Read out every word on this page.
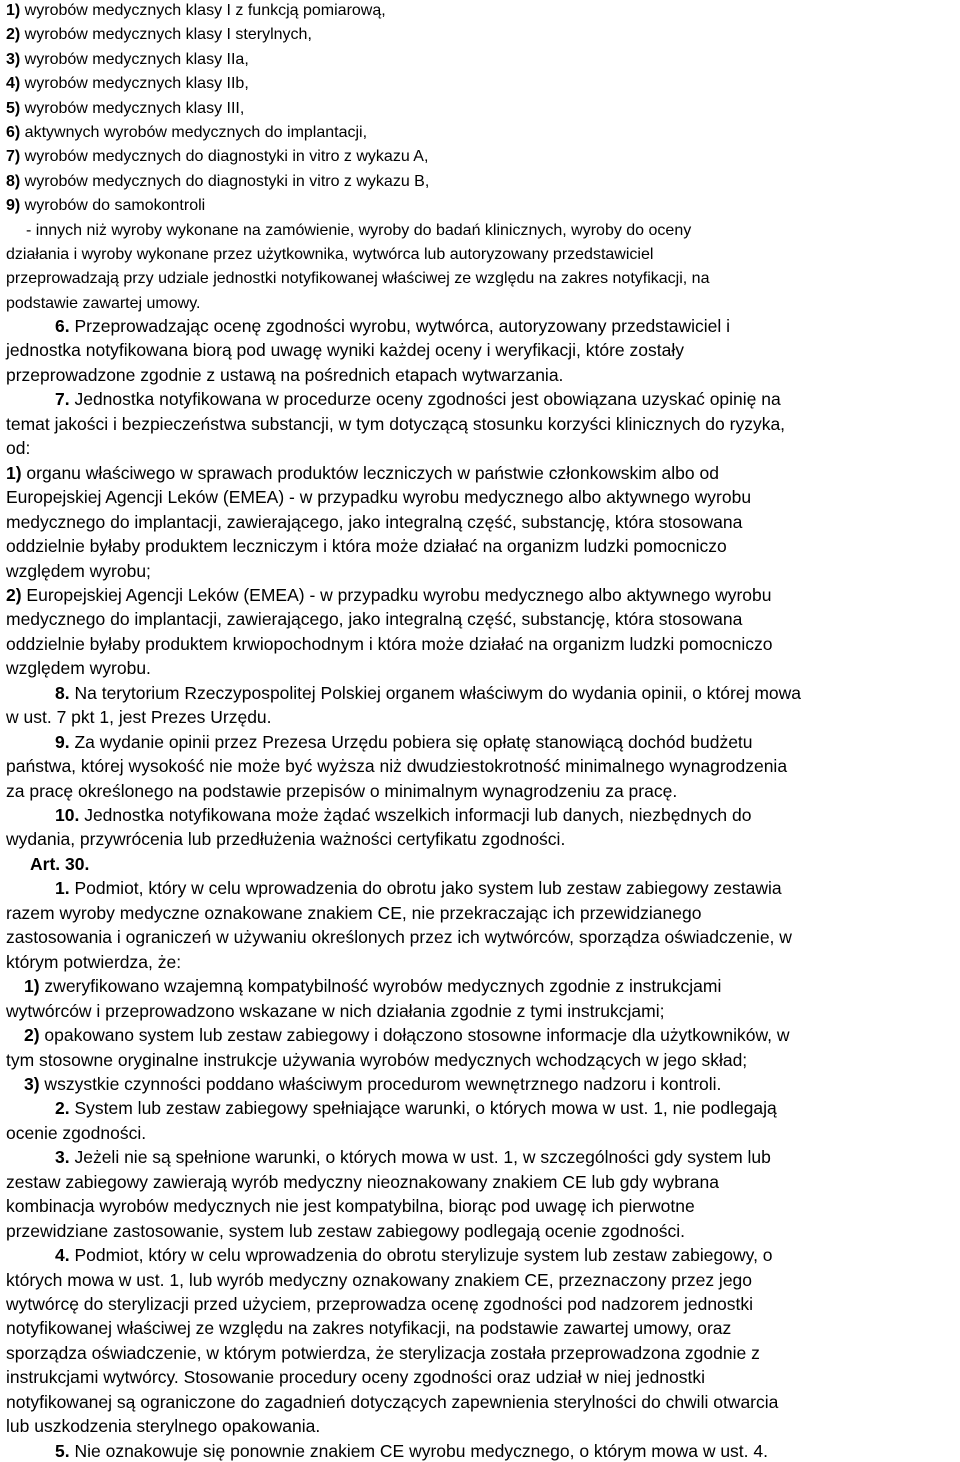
1) wyrobów medycznych klasy I z funkcją pomiarową,
2) wyrobów medycznych klasy I sterylnych,
3) wyrobów medycznych klasy IIa,
4) wyrobów medycznych klasy IIb,
5) wyrobów medycznych klasy III,
6) aktywnych wyrobów medycznych do implantacji,
7) wyrobów medycznych do diagnostyki in vitro z wykazu A,
8) wyrobów medycznych do diagnostyki in vitro z wykazu B,
9) wyrobów do samokontroli
- innych niż wyroby wykonane na zamówienie, wyroby do badań klinicznych, wyroby do oceny
działania i wyroby wykonane przez użytkownika, wytwórca lub autoryzowany przedstawiciel
przeprowadzają przy udziale jednostki notyfikowanej właściwej ze względu na zakres notyfikacji, na
podstawie zawartej umowy.
6. Przeprowadzając ocenę zgodności wyrobu, wytwórca, autoryzowany przedstawiciel i
jednostka notyfikowana biorą pod uwagę wyniki każdej oceny i weryfikacji, które zostały
przeprowadzone zgodnie z ustawą na pośrednich etapach wytwarzania.
7. Jednostka notyfikowana w procedurze oceny zgodności jest obowiązana uzyskać opinię na
temat jakości i bezpieczeństwa substancji, w tym dotyczącą stosunku korzyści klinicznych do ryzyka,
od:
1) organu właściwego w sprawach produktów leczniczych w państwie członkowskim albo od
Europejskiej Agencji Leków (EMEA) - w przypadku wyrobu medycznego albo aktywnego wyrobu
medycznego do implantacji, zawierającego, jako integralną część, substancję, która stosowana
oddzielnie byłaby produktem leczniczym i która może działać na organizm ludzki pomocniczo
względem wyrobu;
2) Europejskiej Agencji Leków (EMEA) - w przypadku wyrobu medycznego albo aktywnego wyrobu
medycznego do implantacji, zawierającego, jako integralną część, substancję, która stosowana
oddzielnie byłaby produktem krwiopochodnym i która może działać na organizm ludzki pomocniczo
względem wyrobu.
8. Na terytorium Rzeczypospolitej Polskiej organem właściwym do wydania opinii, o której mowa
w ust. 7 pkt 1, jest Prezes Urzędu.
9. Za wydanie opinii przez Prezesa Urzędu pobiera się opłatę stanowiącą dochód budżetu
państwa, której wysokość nie może być wyższa niż dwudziestokrotność minimalnego wynagrodzenia
za pracę określonego na podstawie przepisów o minimalnym wynagrodzeniu za pracę.
10. Jednostka notyfikowana może żądać wszelkich informacji lub danych, niezbędnych do
wydania, przywrócenia lub przedłużenia ważności certyfikatu zgodności.
Art. 30.
1. Podmiot, który w celu wprowadzenia do obrotu jako system lub zestaw zabiegowy zestawia
razem wyroby medyczne oznakowane znakiem CE, nie przekraczając ich przewidzianego
zastosowania i ograniczeń w używaniu określonych przez ich wytwórców, sporządza oświadczenie, w
którym potwierdza, że:
1) zweryfikowano wzajemną kompatybilność wyrobów medycznych zgodnie z instrukcjami
wytwórców i przeprowadzono wskazane w nich działania zgodnie z tymi instrukcjami;
2) opakowano system lub zestaw zabiegowy i dołączono stosowne informacje dla użytkowników, w
tym stosowne oryginalne instrukcje używania wyrobów medycznych wchodzących w jego skład;
3) wszystkie czynności poddano właściwym procedurom wewnętrznego nadzoru i kontroli.
2. System lub zestaw zabiegowy spełniające warunki, o których mowa w ust. 1, nie podlegają
ocenie zgodności.
3. Jeżeli nie są spełnione warunki, o których mowa w ust. 1, w szczególności gdy system lub
zestaw zabiegowy zawierają wyrób medyczny nieoznakowany znakiem CE lub gdy wybrana
kombinacja wyrobów medycznych nie jest kompatybilna, biorąc pod uwagę ich pierwotne
przewidziane zastosowanie, system lub zestaw zabiegowy podlegają ocenie zgodności.
4. Podmiot, który w celu wprowadzenia do obrotu sterylizuje system lub zestaw zabiegowy, o
których mowa w ust. 1, lub wyrób medyczny oznakowany znakiem CE, przeznaczony przez jego
wytwórcę do sterylizacji przed użyciem, przeprowadza ocenę zgodności pod nadzorem jednostki
notyfikowanej właściwej ze względu na zakres notyfikacji, na podstawie zawartej umowy, oraz
sporządza oświadczenie, w którym potwierdza, że sterylizacja została przeprowadzona zgodnie z
instrukcjami wytwórcy. Stosowanie procedury oceny zgodności oraz udział w niej jednostki
notyfikowanej są ograniczone do zagadnień dotyczących zapewnienia sterylności do chwili otwarcia
lub uszkodzenia sterylnego opakowania.
5. Nie oznakowuje się ponownie znakiem CE wyrobu medycznego, o którym mowa w ust. 4.
